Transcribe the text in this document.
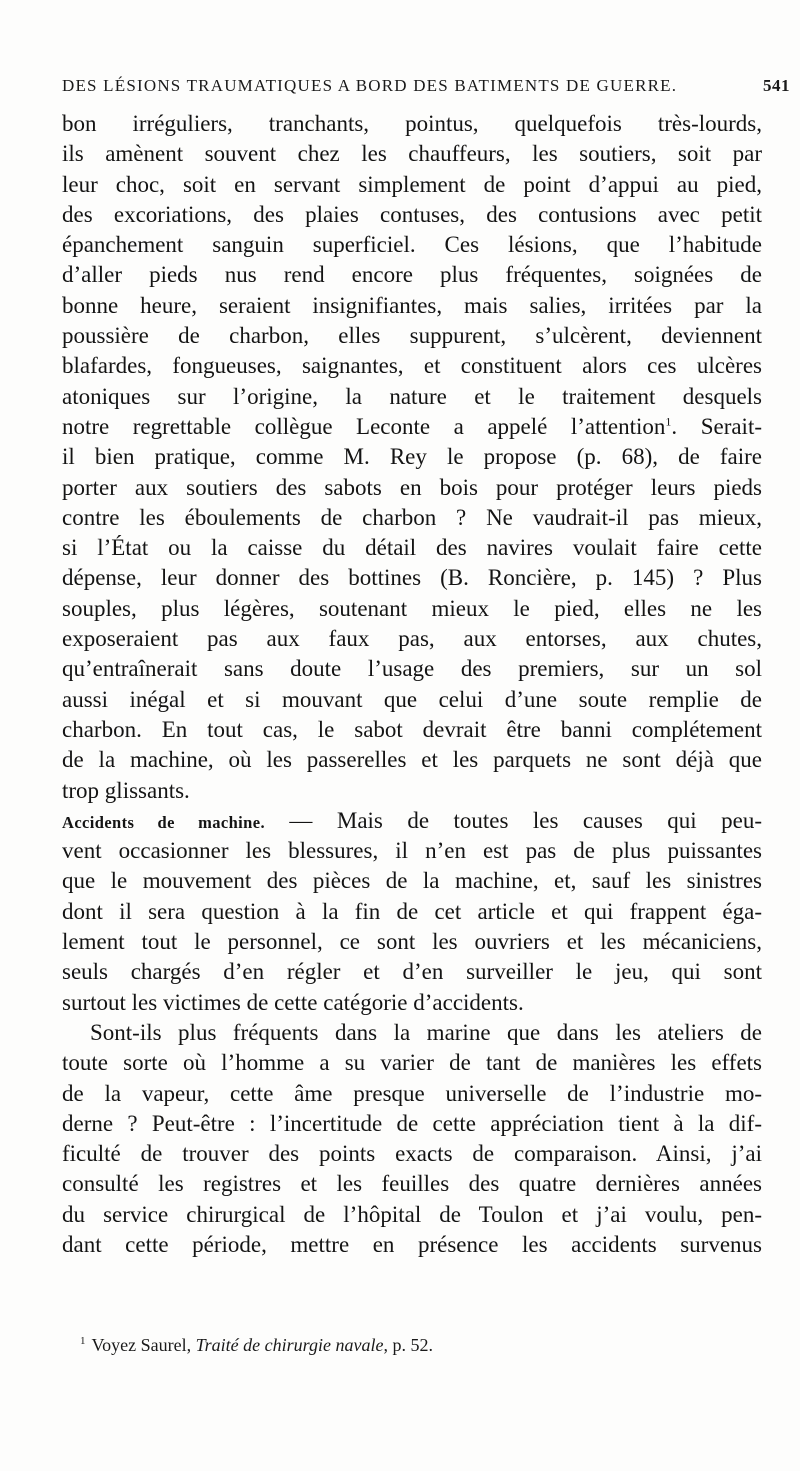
DES LÉSIONS TRAUMATIQUES A BORD DES BATIMENTS DE GUERRE.	541
bon irréguliers, tranchants, pointus, quelquefois très-lourds,
ils amènent souvent chez les chauffeurs, les soutiers, soit par
leur choc, soit en servant simplement de point d’appui au pied,
des excoriations, des plaies contuses, des contusions avec petit
épanchement sanguin superficiel. Ces lésions, que l’habitude
d’aller pieds nus rend encore plus fréquentes, soignées de
bonne heure, seraient insignifiantes, mais salies, irritées par la
poussière de charbon, elles suppurent, s’ulcèrent, deviennent
blafardes, fongueuses, saignantes, et constituent alors ces ulcères
atoniques sur l’origine, la nature et le traitement desquels
notre regrettable collègue Leconte a appelé l’attention$^1$. Serait-
il bien pratique, comme M. Rey le propose (p. 68), de faire
porter aux soutiers des sabots en bois pour protéger leurs pieds
contre les éboulements de charbon ? Ne vaudrait-il pas mieux,
si l’État ou la caisse du détail des navires voulait faire cette
dépense, leur donner des bottines (B. Roncière, p. 145) ? Plus
souples, plus légères, soutenant mieux le pied, elles ne les
exposeraient pas aux faux pas, aux entorses, aux chutes,
qu’entraînerait sans doute l’usage des premiers, sur un sol
aussi inégal et si mouvant que celui d’une soute remplie de
charbon. En tout cas, le sabot devrait être banni complétement
de la machine, où les passerelles et les parquets ne sont déjà que
trop glissants.
Accidents de machine. — Mais de toutes les causes qui peu-
vent occasionner les blessures, il n’en est pas de plus puissantes
que le mouvement des pièces de la machine, et, sauf les sinistres
dont il sera question à la fin de cet article et qui frappent éga-
lement tout le personnel, ce sont les ouvriers et les mécaniciens,
seuls chargés d’en régler et d’en surveiller le jeu, qui sont
surtout les victimes de cette catégorie d’accidents.
Sont-ils plus fréquents dans la marine que dans les ateliers de
toute sorte où l’homme a su varier de tant de manières les effets
de la vapeur, cette âme presque universelle de l’industrie mo-
derne ? Peut-être : l’incertitude de cette appréciation tient à la dif-
ficulté de trouver des points exacts de comparaison. Ainsi, j’ai
consulté les registres et les feuilles des quatre dernières années
du service chirurgical de l’hôpital de Toulon et j’ai voulu, pen-
dant cette période, mettre en présence les accidents survenus
$^1$ Voyez Saurel, Traité de chirurgie navale, p. 52.
